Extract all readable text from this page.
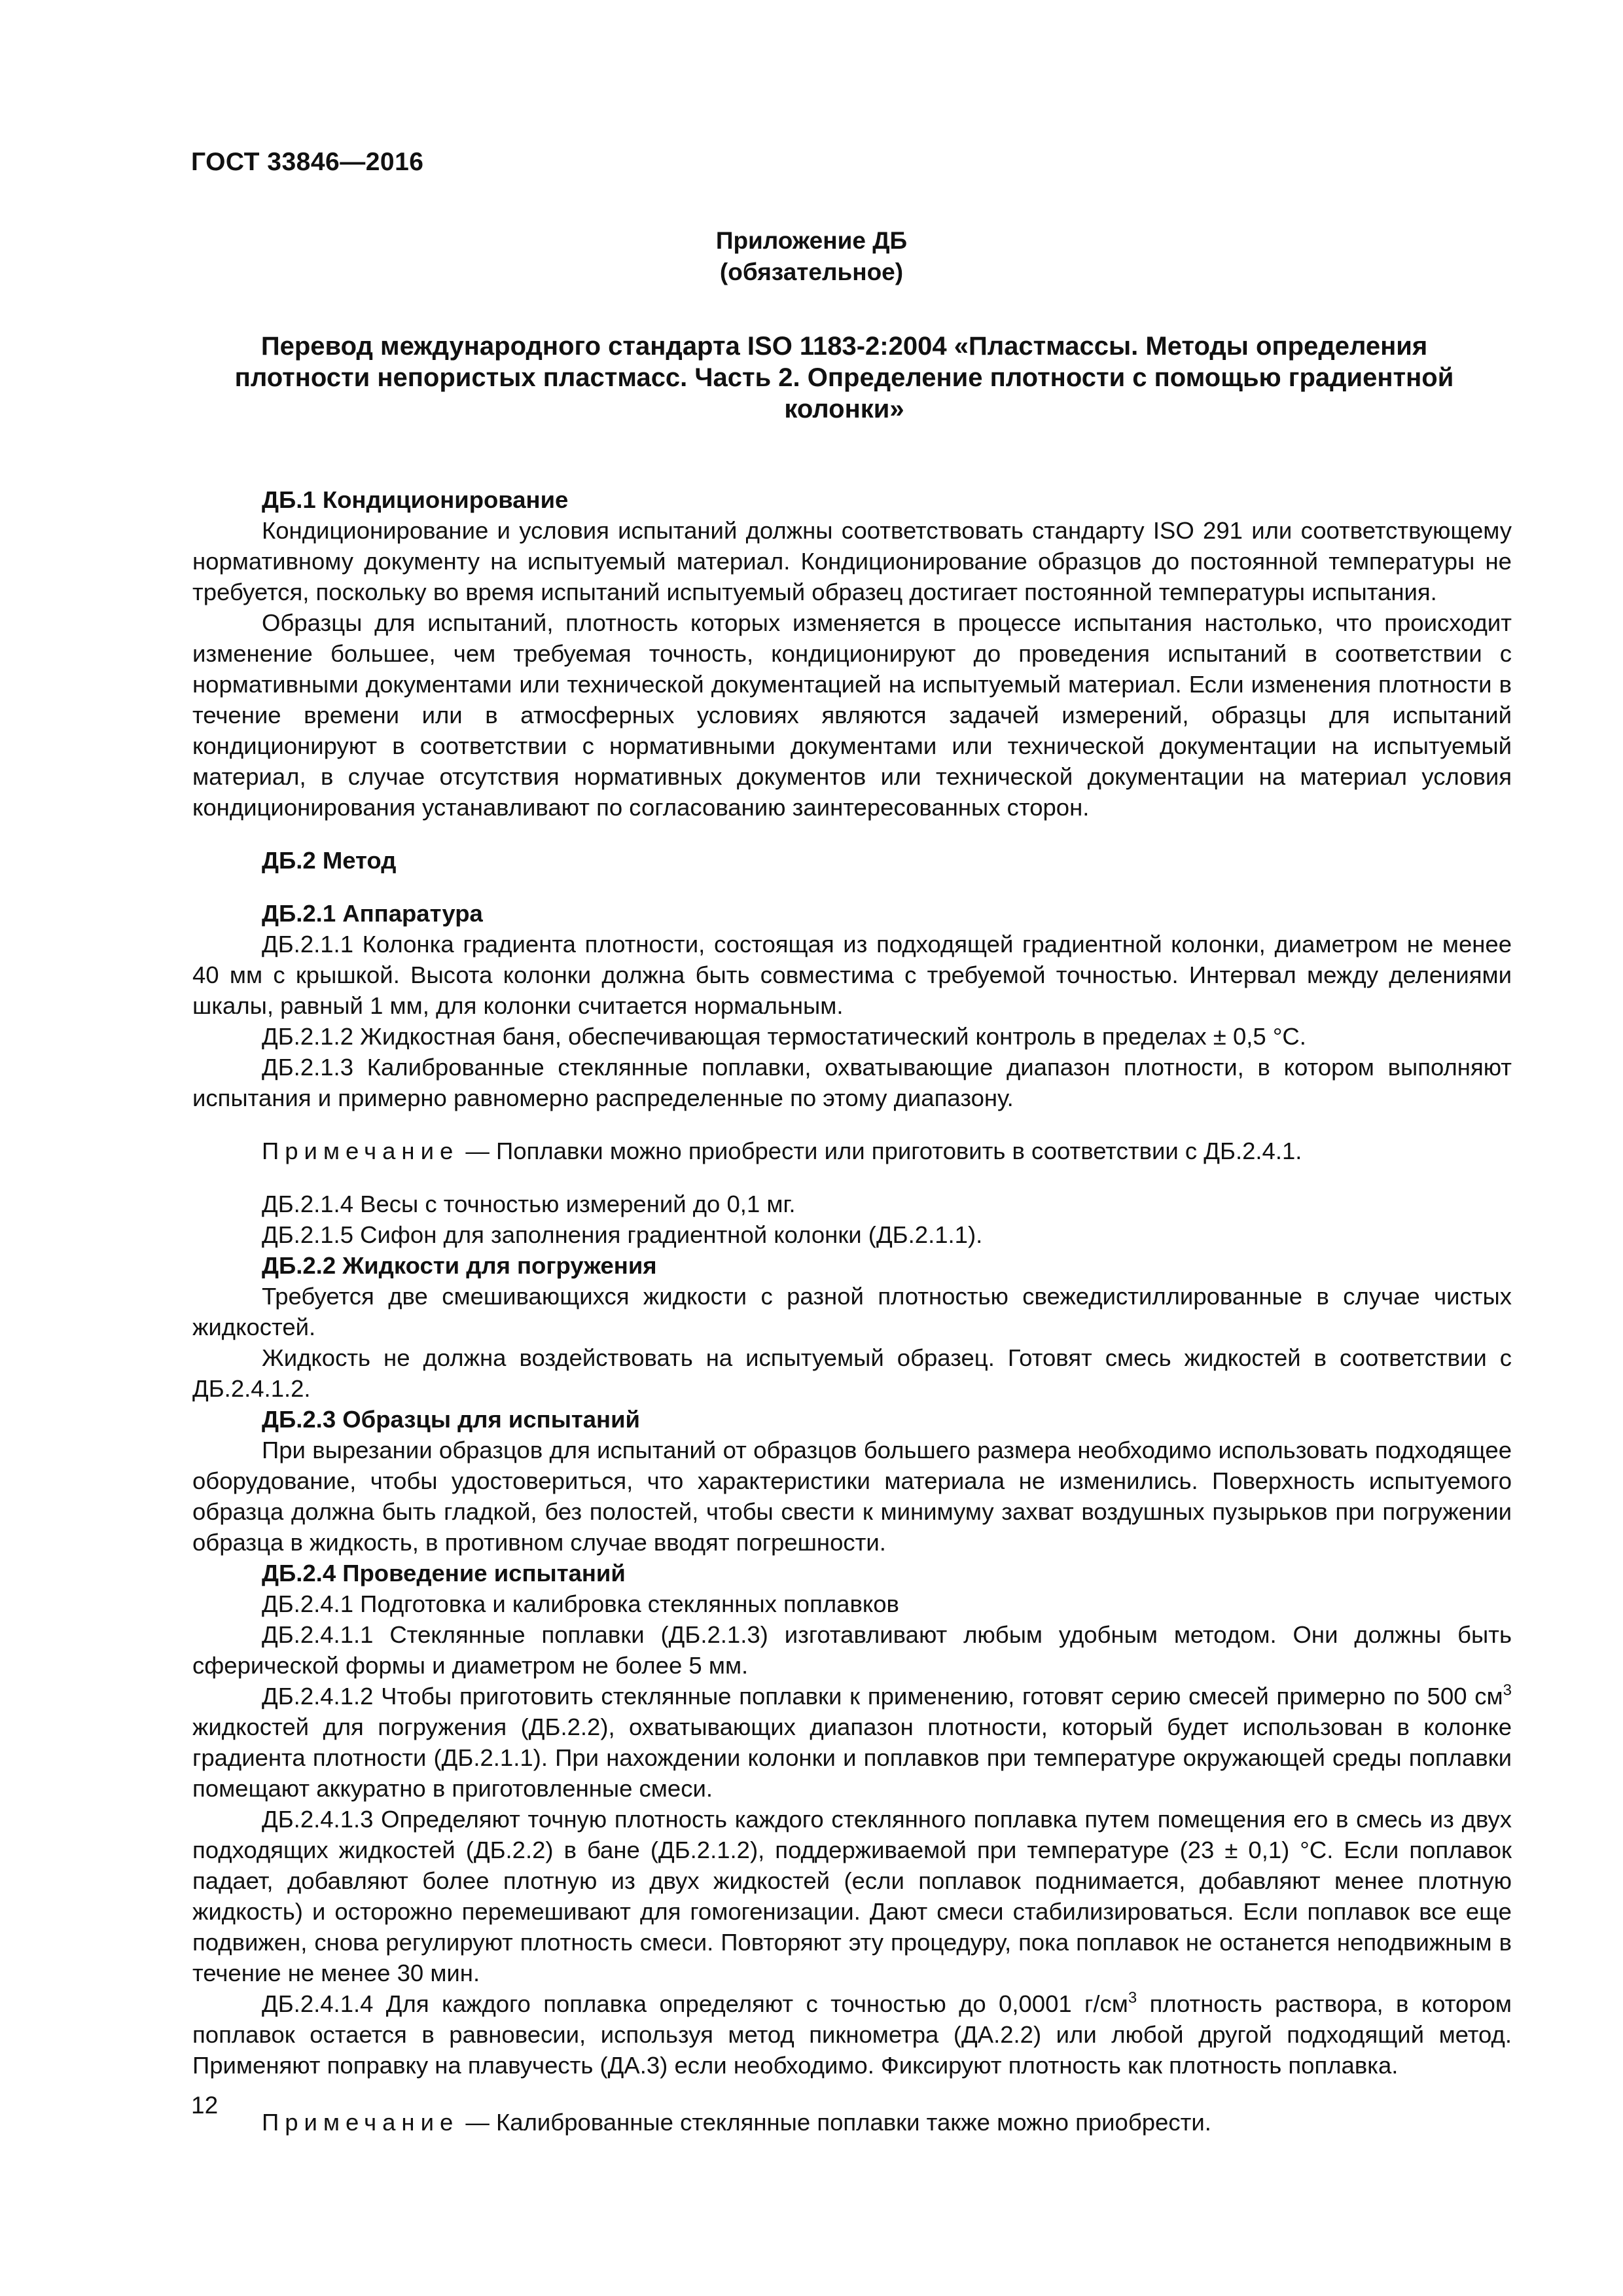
ГОСТ 33846—2016
Приложение ДБ
(обязательное)
Перевод международного стандарта ISO 1183-2:2004 «Пластмассы. Методы определения плотности непористых пластмасс. Часть 2. Определение плотности с помощью градиентной колонки»

ДБ.1 Кондиционирование

Кондиционирование и условия испытаний должны соответствовать стандарту ISO 291 или соответствующему нормативному документу на испытуемый материал. Кондиционирование образцов до постоянной температуры не требуется, поскольку во время испытаний испытуемый образец достигает постоянной температуры испытания.

Образцы для испытаний, плотность которых изменяется в процессе испытания настолько, что происходит изменение большее, чем требуемая точность, кондиционируют до проведения испытаний в соответствии с нормативными документами или технической документацией на испытуемый материал. Если изменения плотности в течение времени или в атмосферных условиях являются задачей измерений, образцы для испытаний кондиционируют в соответствии с нормативными документами или технической документации на испытуемый материал, в случае отсутствия нормативных документов или технической документации на материал условия кондиционирования устанавливают по согласованию заинтересованных сторон.

ДБ.2 Метод

ДБ.2.1 Аппаратура

ДБ.2.1.1 Колонка градиента плотности, состоящая из подходящей градиентной колонки, диаметром не менее 40 мм с крышкой. Высота колонки должна быть совместима с требуемой точностью. Интервал между делениями шкалы, равный 1 мм, для колонки считается нормальным.

ДБ.2.1.2 Жидкостная баня, обеспечивающая термостатический контроль в пределах ± 0,5 °C.

ДБ.2.1.3 Калиброванные стеклянные поплавки, охватывающие диапазон плотности, в котором выполняют испытания и примерно равномерно распределенные по этому диапазону.

Примечание — Поплавки можно приобрести или приготовить в соответствии с ДБ.2.4.1.

ДБ.2.1.4 Весы с точностью измерений до 0,1 мг.

ДБ.2.1.5 Сифон для заполнения градиентной колонки (ДБ.2.1.1).

ДБ.2.2 Жидкости для погружения

Требуется две смешивающихся жидкости с разной плотностью свежедистиллированные в случае чистых жидкостей.

Жидкость не должна воздействовать на испытуемый образец. Готовят смесь жидкостей в соответствии с ДБ.2.4.1.2.

ДБ.2.3 Образцы для испытаний

При вырезании образцов для испытаний от образцов большего размера необходимо использовать подходящее оборудование, чтобы удостовериться, что характеристики материала не изменились. Поверхность испытуемого образца должна быть гладкой, без полостей, чтобы свести к минимуму захват воздушных пузырьков при погружении образца в жидкость, в противном случае вводят погрешности.

ДБ.2.4 Проведение испытаний

ДБ.2.4.1 Подготовка и калибровка стеклянных поплавков

ДБ.2.4.1.1 Стеклянные поплавки (ДБ.2.1.3) изготавливают любым удобным методом. Они должны быть сферической формы и диаметром не более 5 мм.

ДБ.2.4.1.2 Чтобы приготовить стеклянные поплавки к применению, готовят серию смесей примерно по 500 $см^3$ жидкостей для погружения (ДБ.2.2), охватывающих диапазон плотности, который будет использован в колонке градиента плотности (ДБ.2.1.1). При нахождении колонки и поплавков при температуре окружающей среды поплавки помещают аккуратно в приготовленные смеси.

ДБ.2.4.1.3 Определяют точную плотность каждого стеклянного поплавка путем помещения его в смесь из двух подходящих жидкостей (ДБ.2.2) в бане (ДБ.2.1.2), поддерживаемой при температуре (23 ± 0,1) °C. Если поплавок падает, добавляют более плотную из двух жидкостей (если поплавок поднимается, добавляют менее плотную жидкость) и осторожно перемешивают для гомогенизации. Дают смеси стабилизироваться. Если поплавок все еще подвижен, снова регулируют плотность смеси. Повторяют эту процедуру, пока поплавок не останется неподвижным в течение не менее 30 мин.

ДБ.2.4.1.4 Для каждого поплавка определяют с точностью до 0,0001 $г/см^3$ плотность раствора, в котором поплавок остается в равновесии, используя метод пикнометра (ДА.2.2) или любой другой подходящий метод. Применяют поправку на плавучесть (ДА.3) если необходимо. Фиксируют плотность как плотность поплавка.

Примечание — Калиброванные стеклянные поплавки также можно приобрести.

12
